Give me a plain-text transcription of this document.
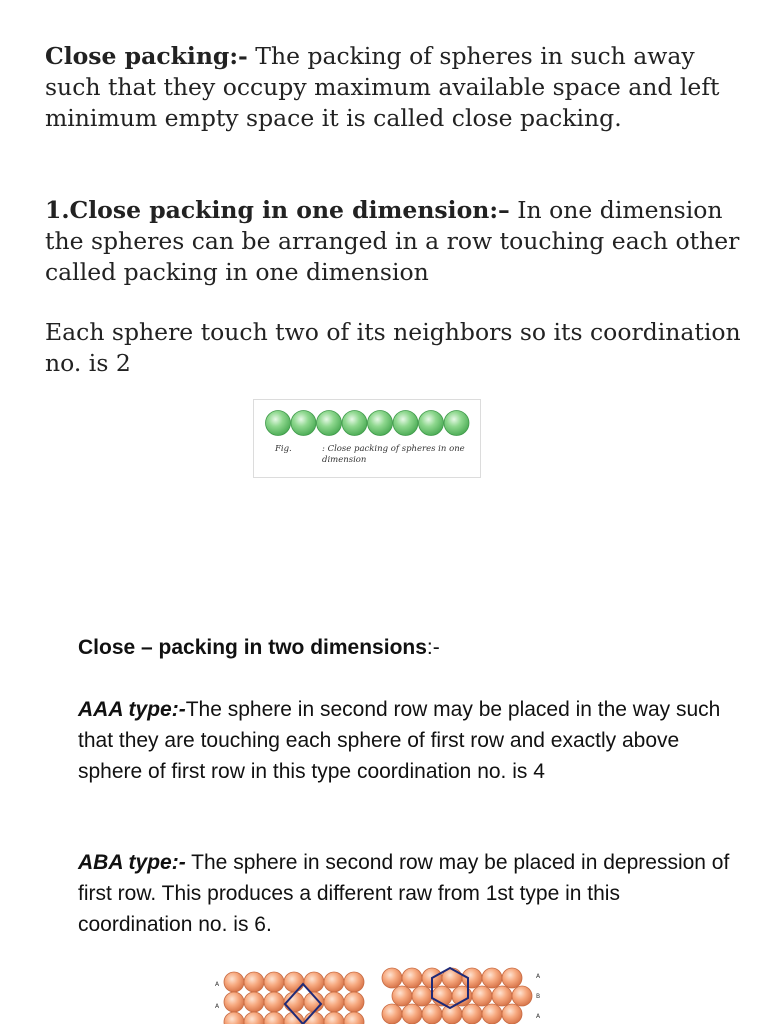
Close packing:- The packing of spheres in such away such that they occupy maximum available space and left minimum empty space it is called close packing.
1.Close packing in one dimension:– In one dimension the spheres can be arranged in a row touching each other called packing in one dimension
Each sphere touch two of its neighbors so its coordination no. is 2
Fig.	: Close packing of spheres in one dimension
Close – packing in two dimensions:-
AAA type:-The sphere in second row may be placed in the way such that they are touching each sphere of first row and exactly above sphere of first row in this type coordination no. is 4
ABA type:- The sphere in second row may be placed in depression of first row. This produces a different raw from 1st type in this coordination no. is 6.
A
A
A
B
A
